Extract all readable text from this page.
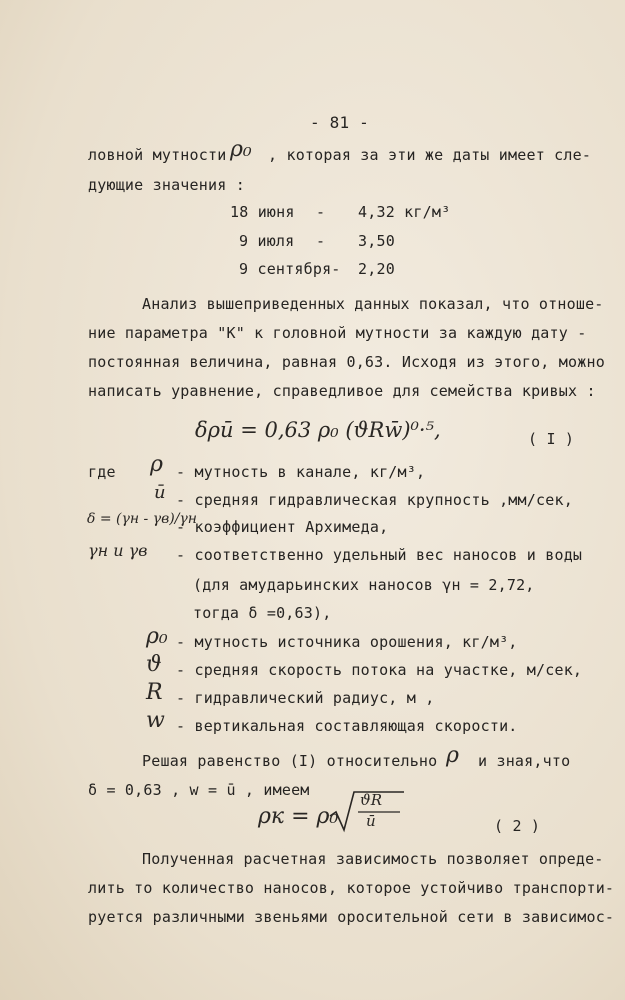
- 81 -
ловной мутности ρ₀ , которая за эти же даты имеет сле-
дующие значения :
18 июня - 4,32 кг/м³
9 июля - 3,50
9 сентября- 2,20
Анализ вышеприведенных данных показал, что отноше-
ние параметра "К" к головной мутности за каждую дату -
постоянная величина, равная 0,63. Исходя из этого, можно
написать уравнение, справедливое для семейства кривых :
δρū = 0,63 ρ₀ (ϑRw̄)⁰·⁵,	( I )
где ρ - мутность в канале, кг/м³,
ū - средняя гидравлическая крупность ,мм/сек,
δ = (γн - γв)/γн
- коэффициент Архимеда,
γн и γв - соответственно удельный вес наносов и воды
(для амударьинских наносов γн = 2,72,
тогда δ =0,63),
ρ₀ - мутность источника орошения, кг/м³,
ϑ - средняя скорость потока на участке, м/сек,
R - гидравлический радиус, м ,
w - вертикальная составляющая скорости.
Решая равенство (I) относительно ρ и зная,что
δ = 0,63 , w = ū , имеем
ρк = ρ₀
ϑR
ū	( 2 )
Полученная расчетная зависимость позволяет опреде-
лить то количество наносов, которое устойчиво транспорти-
руется различными звеньями оросительной сети в зависимос-
